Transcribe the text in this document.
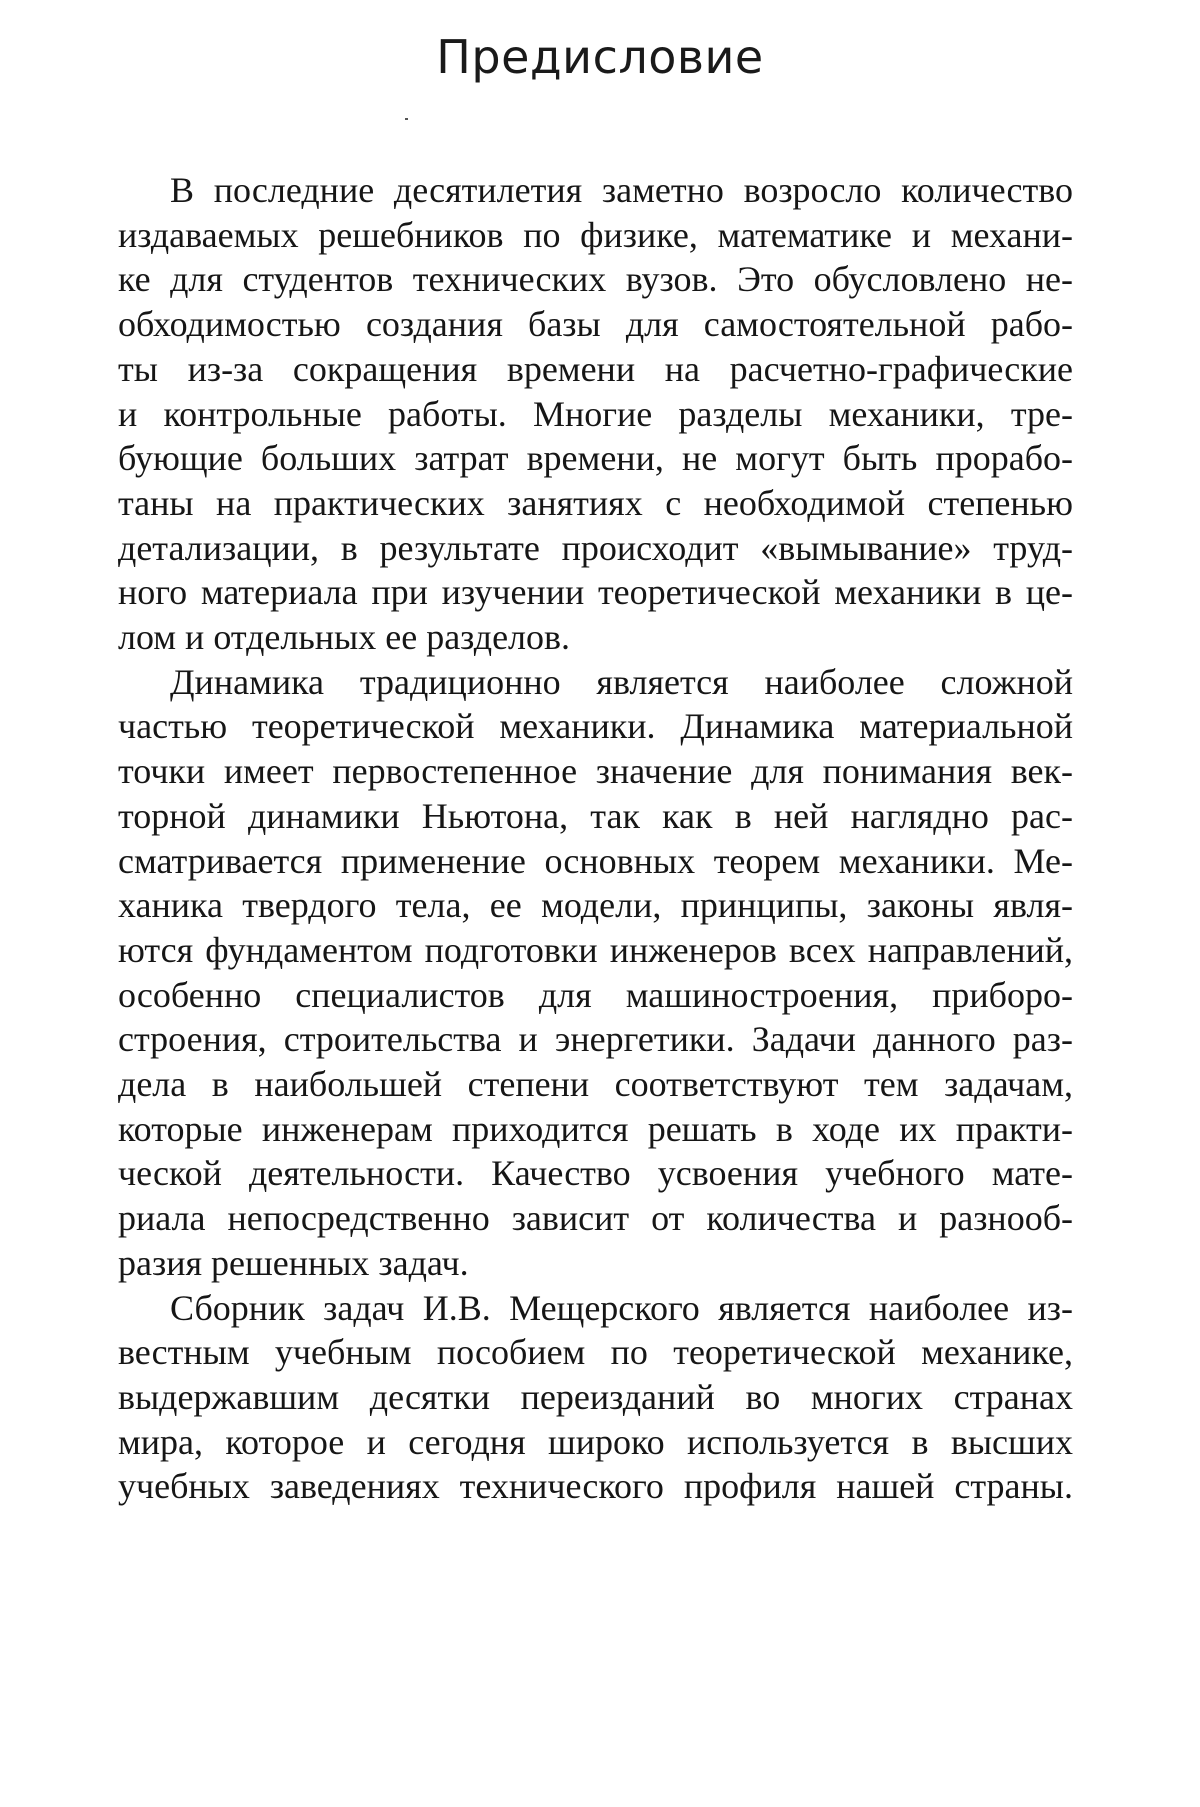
Предисловие
В последние десятилетия заметно возросло количество
издаваемых решебников по физике, математике и механи-
ке для студентов технических вузов. Это обусловлено не-
обходимостью создания базы для самостоятельной рабо-
ты из-за сокращения времени на расчетно-графические
и контрольные работы. Многие разделы механики, тре-
бующие больших затрат времени, не могут быть прорабо-
таны на практических занятиях с необходимой степенью
детализации, в результате происходит «вымывание» труд-
ного материала при изучении теоретической механики в це-
лом и отдельных ее разделов.
Динамика традиционно является наиболее сложной
частью теоретической механики. Динамика материальной
точки имеет первостепенное значение для понимания век-
торной динамики Ньютона, так как в ней наглядно рас-
сматривается применение основных теорем механики. Ме-
ханика твердого тела, ее модели, принципы, законы явля-
ются фундаментом подготовки инженеров всех направлений,
особенно специалистов для машиностроения, приборо-
строения, строительства и энергетики. Задачи данного раз-
дела в наибольшей степени соответствуют тем задачам,
которые инженерам приходится решать в ходе их практи-
ческой деятельности. Качество усвоения учебного мате-
риала непосредственно зависит от количества и разнооб-
разия решенных задач.
Сборник задач И.В. Мещерского является наиболее из-
вестным учебным пособием по теоретической механике,
выдержавшим десятки переизданий во многих странах
мира, которое и сегодня широко используется в высших
учебных заведениях технического профиля нашей страны.
